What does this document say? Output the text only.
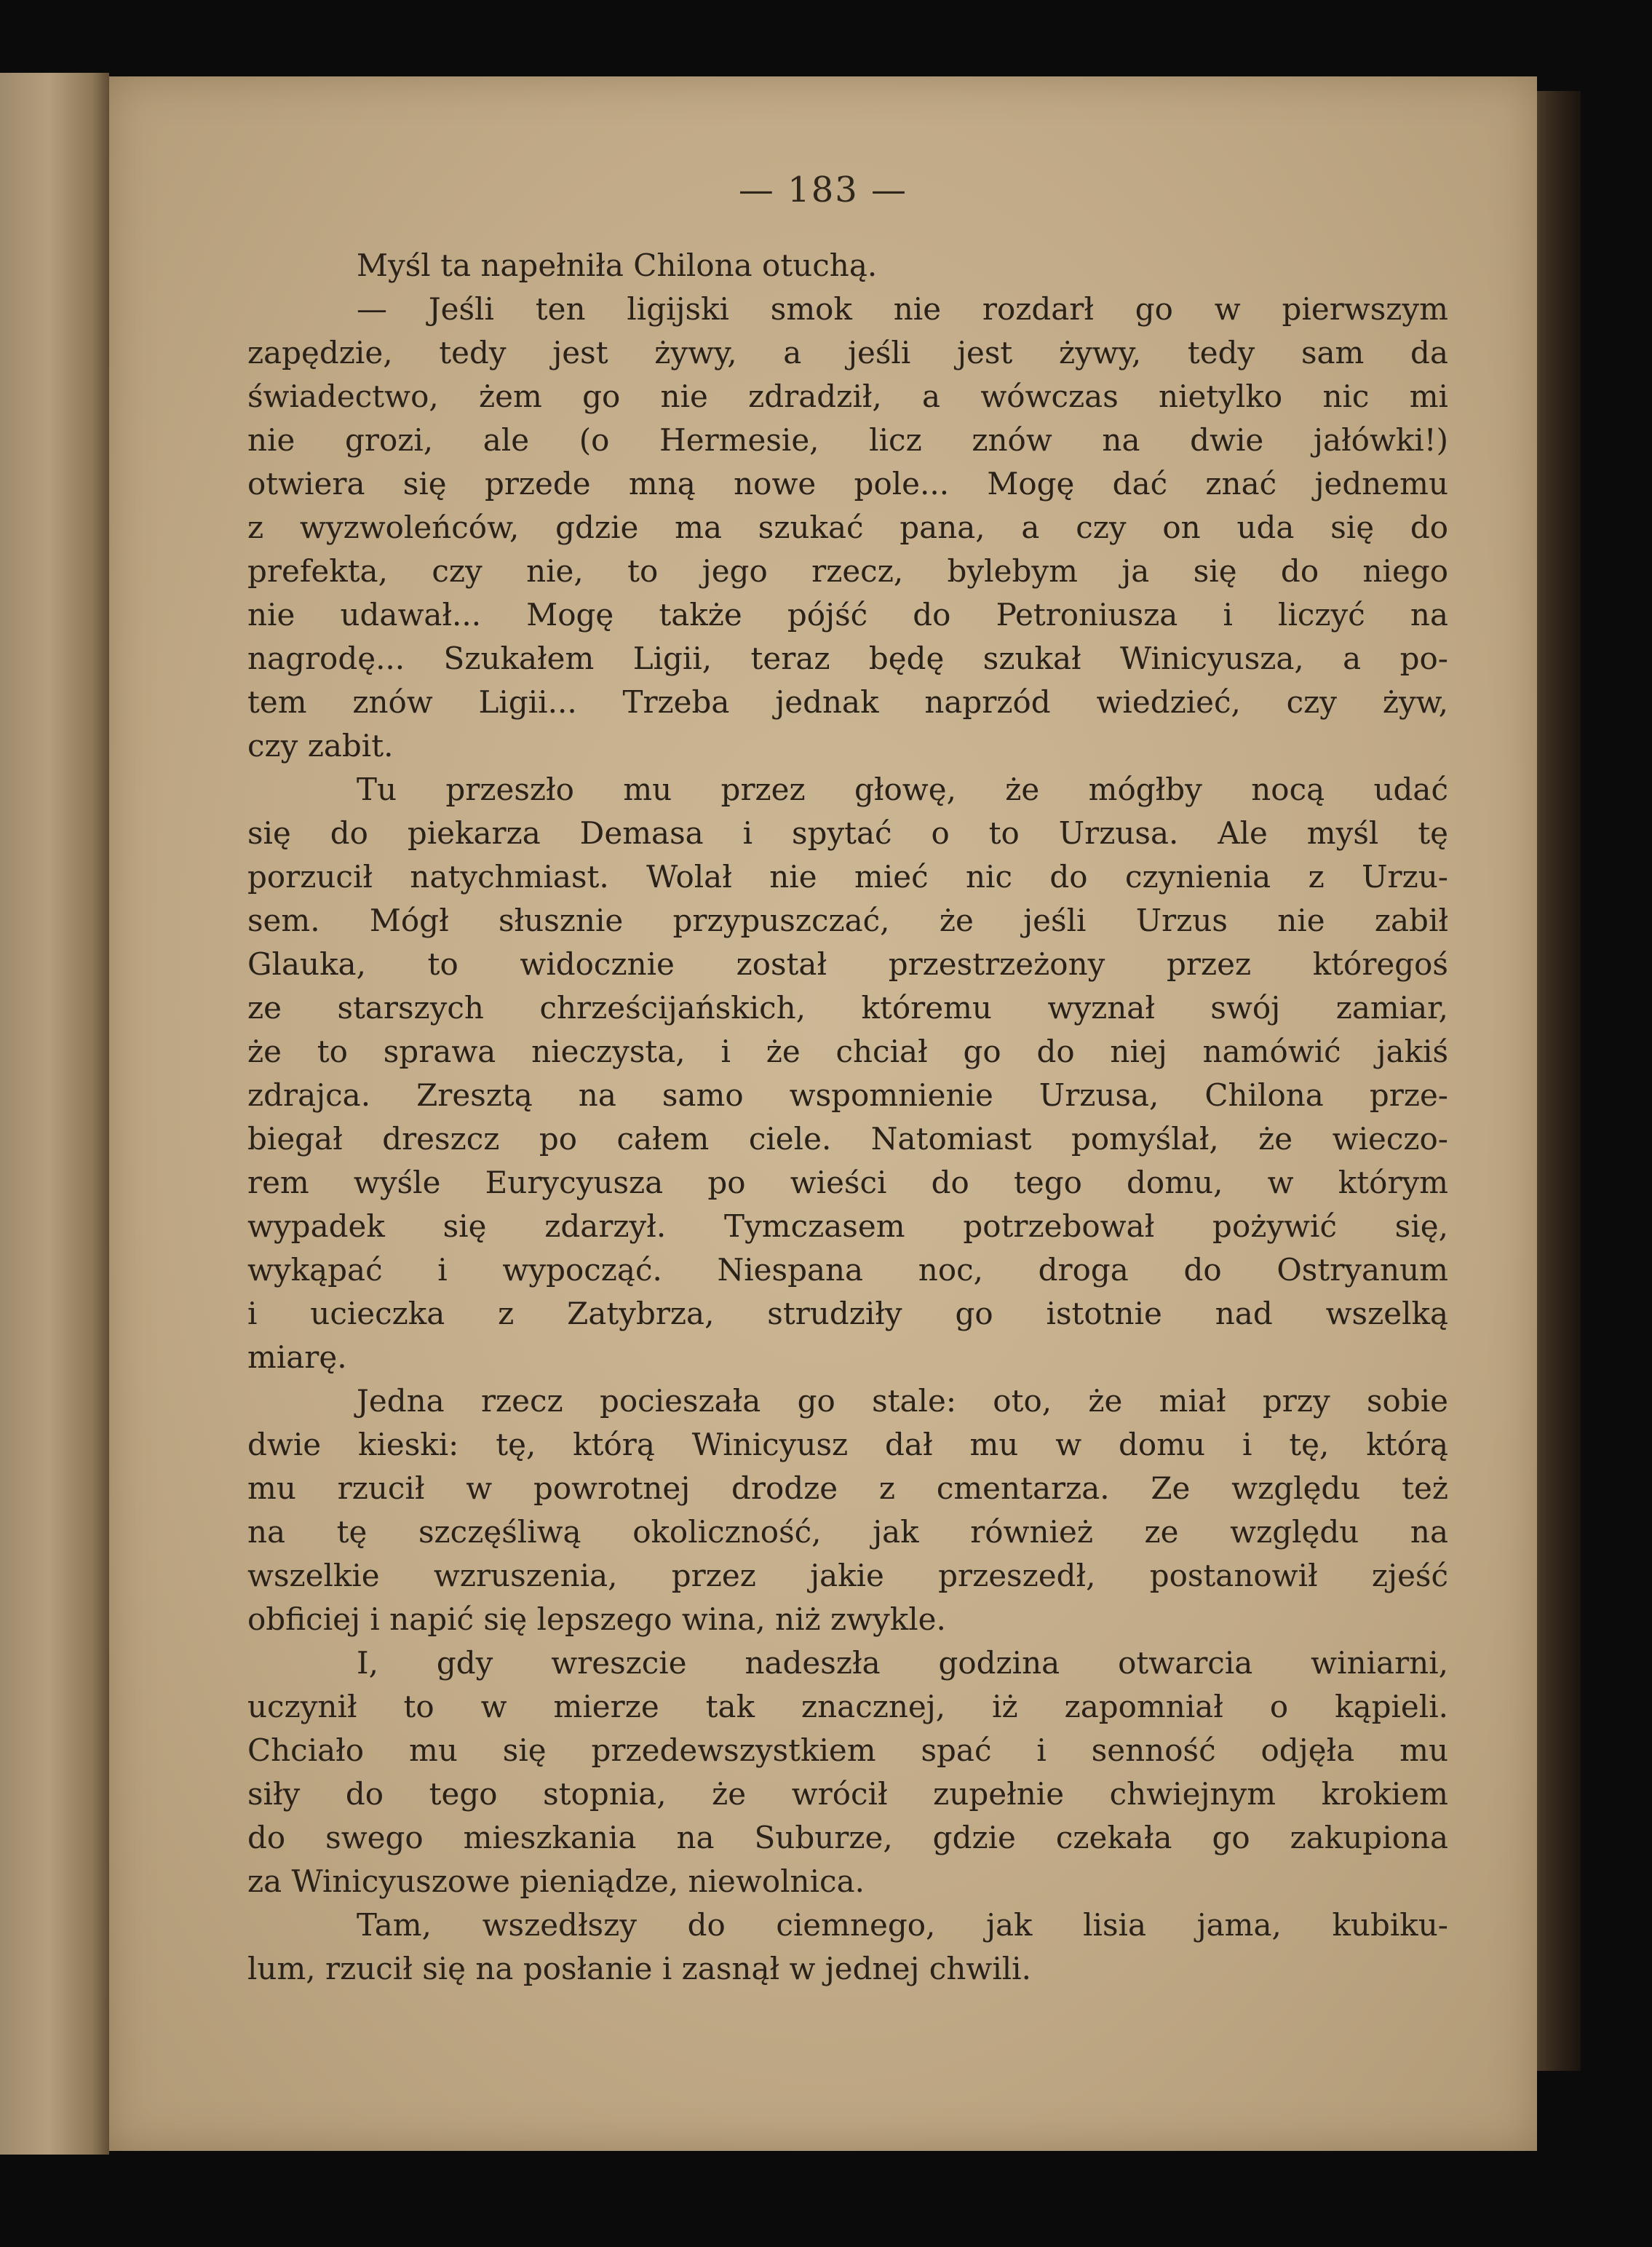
— 183 —
Myśl ta napełniła Chilona otuchą.
— Jeśli ten ligijski smok nie rozdarł go w pierwszym
zapędzie, tedy jest żywy, a jeśli jest żywy, tedy sam da
świadectwo, żem go nie zdradził, a wówczas nietylko nic mi
nie grozi, ale (o Hermesie, licz znów na dwie jałówki!)
otwiera się przede mną nowe pole... Mogę dać znać jednemu
z wyzwoleńców, gdzie ma szukać pana, a czy on uda się do
prefekta, czy nie, to jego rzecz, bylebym ja się do niego
nie udawał... Mogę także pójść do Petroniusza i liczyć na
nagrodę... Szukałem Ligii, teraz będę szukał Winicyusza, a po-
tem znów Ligii... Trzeba jednak naprzód wiedzieć, czy żyw,
czy zabit.
Tu przeszło mu przez głowę, że mógłby nocą udać
się do piekarza Demasa i spytać o to Urzusa. Ale myśl tę
porzucił natychmiast. Wolał nie mieć nic do czynienia z Urzu-
sem. Mógł słusznie przypuszczać, że jeśli Urzus nie zabił
Glauka, to widocznie został przestrzeżony przez któregoś
ze starszych chrześcijańskich, któremu wyznał swój zamiar,
że to sprawa nieczysta, i że chciał go do niej namówić jakiś
zdrajca. Zresztą na samo wspomnienie Urzusa, Chilona prze-
biegał dreszcz po całem ciele. Natomiast pomyślał, że wieczo-
rem wyśle Eurycyusza po wieści do tego domu, w którym
wypadek się zdarzył. Tymczasem potrzebował pożywić się,
wykąpać i wypocząć. Niespana noc, droga do Ostryanum
i ucieczka z Zatybrza, strudziły go istotnie nad wszelką
miarę.
Jedna rzecz pocieszała go stale: oto, że miał przy sobie
dwie kieski: tę, którą Winicyusz dał mu w domu i tę, którą
mu rzucił w powrotnej drodze z cmentarza. Ze względu też
na tę szczęśliwą okoliczność, jak również ze względu na
wszelkie wzruszenia, przez jakie przeszedł, postanowił zjeść
obficiej i napić się lepszego wina, niż zwykle.
I, gdy wreszcie nadeszła godzina otwarcia winiarni,
uczynił to w mierze tak znacznej, iż zapomniał o kąpieli.
Chciało mu się przedewszystkiem spać i senność odjęła mu
siły do tego stopnia, że wrócił zupełnie chwiejnym krokiem
do swego mieszkania na Suburze, gdzie czekała go zakupiona
za Winicyuszowe pieniądze, niewolnica.
Tam, wszedłszy do ciemnego, jak lisia jama, kubiku-
lum, rzucił się na posłanie i zasnął w jednej chwili.
